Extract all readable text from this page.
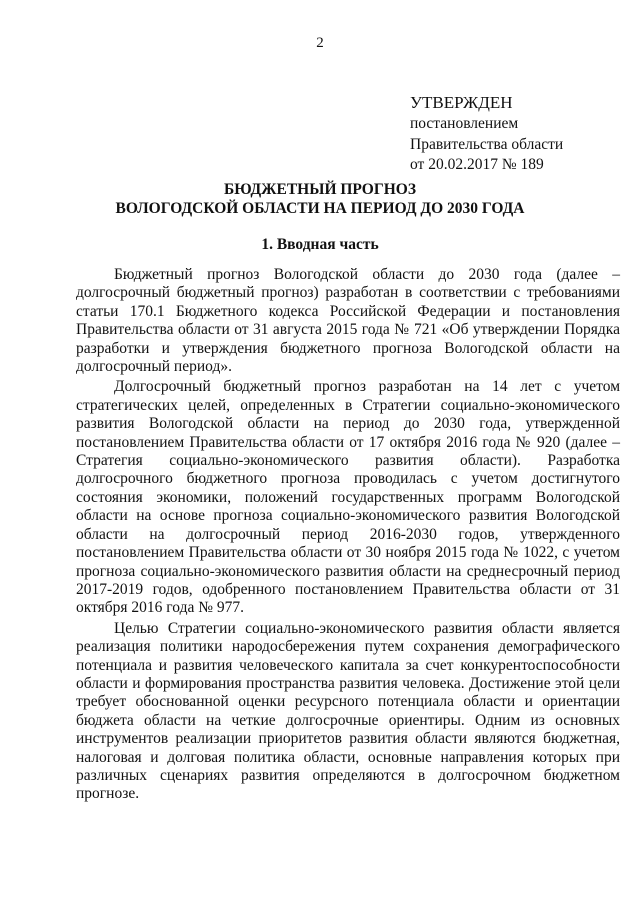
2
УТВЕРЖДЕН
постановлением
Правительства области
от 20.02.2017 № 189
БЮДЖЕТНЫЙ ПРОГНОЗ
ВОЛОГОДСКОЙ ОБЛАСТИ НА ПЕРИОД ДО 2030 ГОДА
1. Вводная часть

Бюджетный прогноз Вологодской области до 2030 года (далее – долгосрочный бюджетный прогноз) разработан в соответствии с требованиями статьи 170.1 Бюджетного кодекса Российской Федерации и постановления Правительства области от 31 августа 2015 года № 721 «Об утверждении Порядка разработки и утверждения бюджетного прогноза Вологодской области на долгосрочный период».

Долгосрочный бюджетный прогноз разработан на 14 лет с учетом стратегических целей, определенных в Стратегии социально-экономического развития Вологодской области на период до 2030 года, утвержденной постановлением Правительства области от 17 октября 2016 года № 920 (далее – Стратегия социально-экономического развития области). Разработка долгосрочного бюджетного прогноза проводилась с учетом достигнутого состояния экономики, положений государственных программ Вологодской области на основе прогноза социально-экономического развития Вологодской области на долгосрочный период 2016-2030 годов, утвержденного постановлением Правительства области от 30 ноября 2015 года № 1022, с учетом прогноза социально-экономического развития области на среднесрочный период 2017-2019 годов, одобренного постановлением Правительства области от 31 октября 2016 года № 977.

Целью Стратегии социально-экономического развития области является реализация политики народосбережения путем сохранения демографического потенциала и развития человеческого капитала за счет конкурентоспособности области и формирования пространства развития человека. Достижение этой цели требует обоснованной оценки ресурсного потенциала области и ориентации бюджета области на четкие долгосрочные ориентиры. Одним из основных инструментов реализации приоритетов развития области являются бюджетная, налоговая и долговая политика области, основные направления которых при различных сценариях развития определяются в долгосрочном бюджетном прогнозе.
